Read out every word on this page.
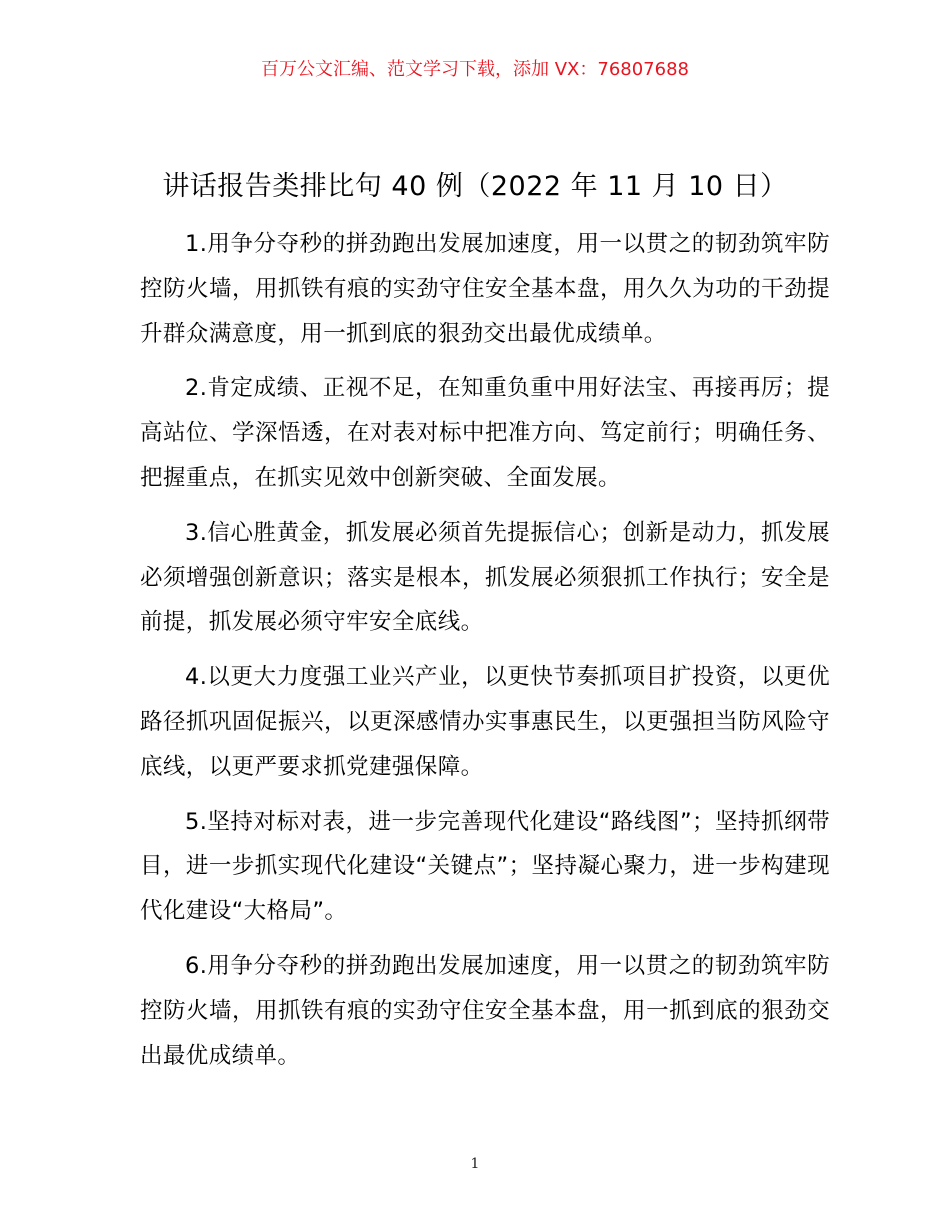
百万公文汇编、范文学习下载，添加 VX：76807688
讲话报告类排比句 40 例（2022 年 11 月 10 日）

1.用争分夺秒的拼劲跑出发展加速度，用一以贯之的韧劲筑牢防控防火墙，用抓铁有痕的实劲守住安全基本盘，用久久为功的干劲提升群众满意度，用一抓到底的狠劲交出最优成绩单。

2.肯定成绩、正视不足，在知重负重中用好法宝、再接再厉；提高站位、学深悟透，在对表对标中把准方向、笃定前行；明确任务、把握重点，在抓实见效中创新突破、全面发展。

3.信心胜黄金，抓发展必须首先提振信心；创新是动力，抓发展必须增强创新意识；落实是根本，抓发展必须狠抓工作执行；安全是前提，抓发展必须守牢安全底线。

4.以更大力度强工业兴产业，以更快节奏抓项目扩投资，以更优路径抓巩固促振兴，以更深感情办实事惠民生，以更强担当防风险守底线，以更严要求抓党建强保障。

5.坚持对标对表，进一步完善现代化建设“路线图”；坚持抓纲带目，进一步抓实现代化建设“关键点”；坚持凝心聚力，进一步构建现代化建设“大格局”。

6.用争分夺秒的拼劲跑出发展加速度，用一以贯之的韧劲筑牢防控防火墙，用抓铁有痕的实劲守住安全基本盘，用一抓到底的狠劲交出最优成绩单。

1
